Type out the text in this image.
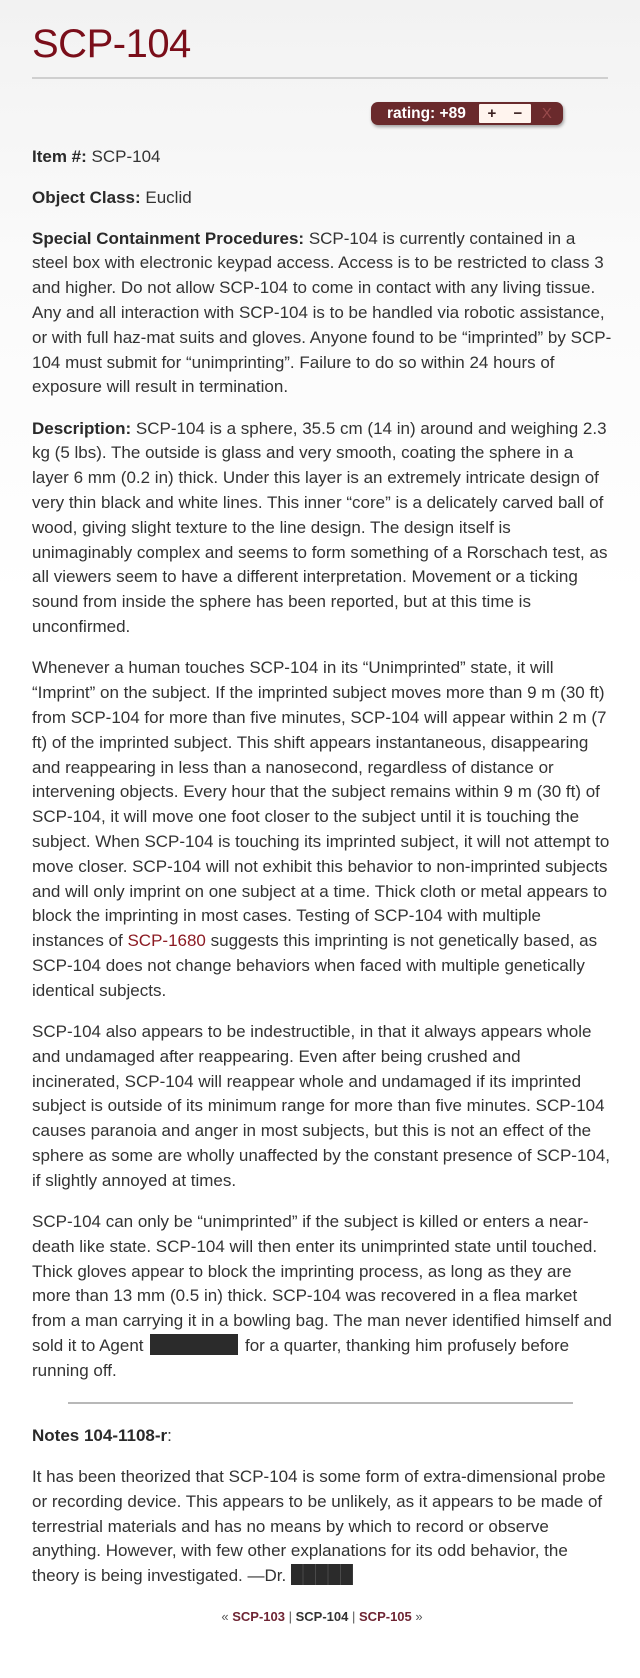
SCP-104
rating: +89	+	−	X

Item #: SCP-104

Object Class: Euclid

Special Containment Procedures: SCP-104 is currently contained in a steel box with electronic keypad access. Access is to be restricted to class 3 and higher. Do not allow SCP-104 to come in contact with any living tissue. Any and all interaction with SCP-104 is to be handled via robotic assistance, or with full haz-mat suits and gloves. Anyone found to be “imprinted” by SCP-104 must submit for “unimprinting”. Failure to do so within 24 hours of exposure will result in termination.

Description: SCP-104 is a sphere, 35.5 cm (14 in) around and weighing 2.3 kg (5 lbs). The outside is glass and very smooth, coating the sphere in a layer 6 mm (0.2 in) thick. Under this layer is an extremely intricate design of very thin black and white lines. This inner “core” is a delicately carved ball of wood, giving slight texture to the line design. The design itself is unimaginably complex and seems to form something of a Rorschach test, as all viewers seem to have a different interpretation. Movement or a ticking sound from inside the sphere has been reported, but at this time is unconfirmed.

Whenever a human touches SCP-104 in its “Unimprinted” state, it will “Imprint” on the subject. If the imprinted subject moves more than 9 m (30 ft) from SCP-104 for more than five minutes, SCP-104 will appear within 2 m (7 ft) of the imprinted subject. This shift appears instantaneous, disappearing and reappearing in less than a nanosecond, regardless of distance or intervening objects. Every hour that the subject remains within 9 m (30 ft) of SCP-104, it will move one foot closer to the subject until it is touching the subject. When SCP-104 is touching its imprinted subject, it will not attempt to move closer. SCP-104 will not exhibit this behavior to non-imprinted subjects and will only imprint on one subject at a time. Thick cloth or metal appears to block the imprinting in most cases. Testing of SCP-104 with multiple instances of SCP-1680 suggests this imprinting is not genetically based, as SCP-104 does not change behaviors when faced with multiple genetically identical subjects.

SCP-104 also appears to be indestructible, in that it always appears whole and undamaged after reappearing. Even after being crushed and incinerated, SCP-104 will reappear whole and undamaged if its imprinted subject is outside of its minimum range for more than five minutes. SCP-104 causes paranoia and anger in most subjects, but this is not an effect of the sphere as some are wholly unaffected by the constant presence of SCP-104, if slightly annoyed at times.

SCP-104 can only be “unimprinted” if the subject is killed or enters a near-death like state. SCP-104 will then enter its unimprinted state until touched. Thick gloves appear to block the imprinting process, as long as they are more than 13 mm (0.5 in) thick. SCP-104 was recovered in a flea market from a man carrying it in a bowling bag. The man never identified himself and sold it to Agent	for a quarter, thanking him profusely before running off.

Notes 104-1108-r:

It has been theorized that SCP-104 is some form of extra-dimensional probe or recording device. This appears to be unlikely, as it appears to be made of terrestrial materials and has no means by which to record or observe anything. However, with few other explanations for its odd behavior, the theory is being investigated. —Dr.

« SCP-103 | SCP-104 | SCP-105 »
